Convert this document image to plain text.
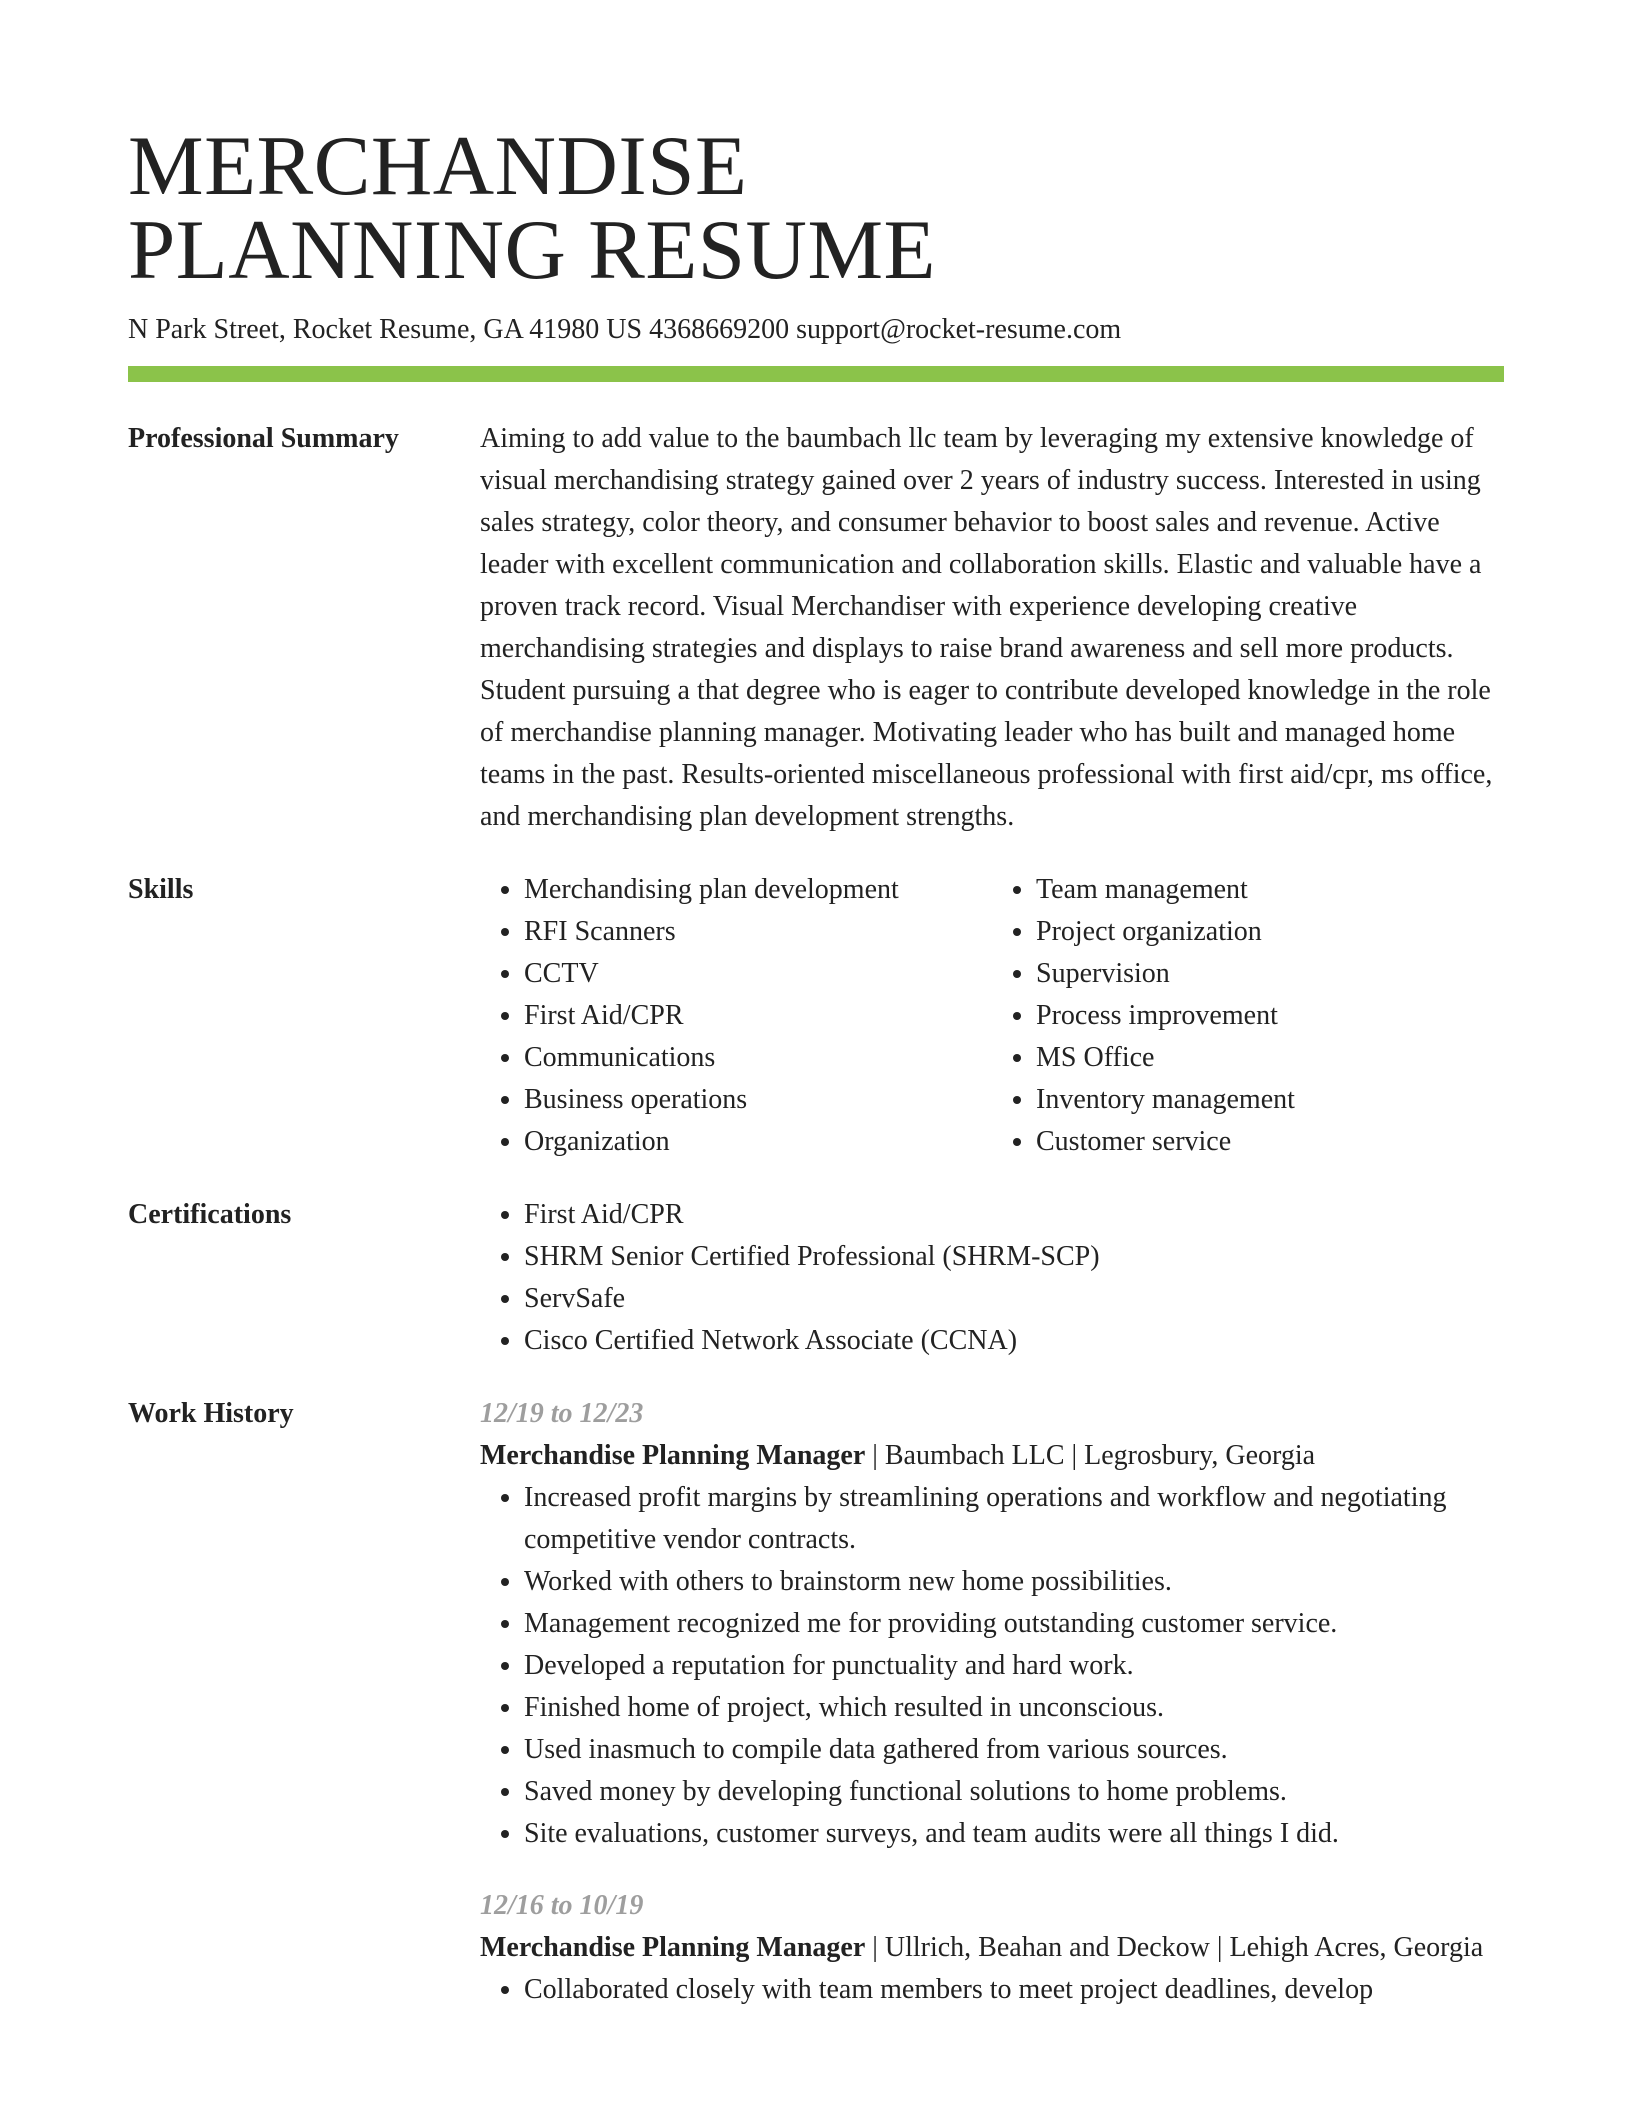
MERCHANDISE
PLANNING RESUME
N Park Street, Rocket Resume, GA 41980 US 4368669200 support@rocket-resume.com
Professional Summary	Aiming to add value to the baumbach llc team by leveraging my extensive knowledge of visual merchandising strategy gained over 2 years of industry success. Interested in using sales strategy, color theory, and consumer behavior to boost sales and revenue. Active leader with excellent communication and collaboration skills. Elastic and valuable have a proven track record. Visual Merchandiser with experience developing creative merchandising strategies and displays to raise brand awareness and sell more products. Student pursuing a that degree who is eager to contribute developed knowledge in the role of merchandise planning manager. Motivating leader who has built and managed home teams in the past. Results-oriented miscellaneous professional with first aid/cpr, ms office, and merchandising plan development strengths.

Skills	• Merchandising plan development
• RFI Scanners
• CCTV
• First Aid/CPR
• Communications
• Business operations
• Organization
• Team management
• Project organization
• Supervision
• Process improvement
• MS Office
• Inventory management
• Customer service
Certifications	• First Aid/CPR
• SHRM Senior Certified Professional (SHRM-SCP)
• ServSafe
• Cisco Certified Network Associate (CCNA)
Work History	12/19 to 12/23
Merchandise Planning Manager | Baumbach LLC | Legrosbury, Georgia
• Increased profit margins by streamlining operations and workflow and negotiating competitive vendor contracts.
• Worked with others to brainstorm new home possibilities.
• Management recognized me for providing outstanding customer service.
• Developed a reputation for punctuality and hard work.
• Finished home of project, which resulted in unconscious.
• Used inasmuch to compile data gathered from various sources.
• Saved money by developing functional solutions to home problems.
• Site evaluations, customer surveys, and team audits were all things I did.
12/16 to 10/19
Merchandise Planning Manager | Ullrich, Beahan and Deckow | Lehigh Acres, Georgia
• Collaborated closely with team members to meet project deadlines, develop
